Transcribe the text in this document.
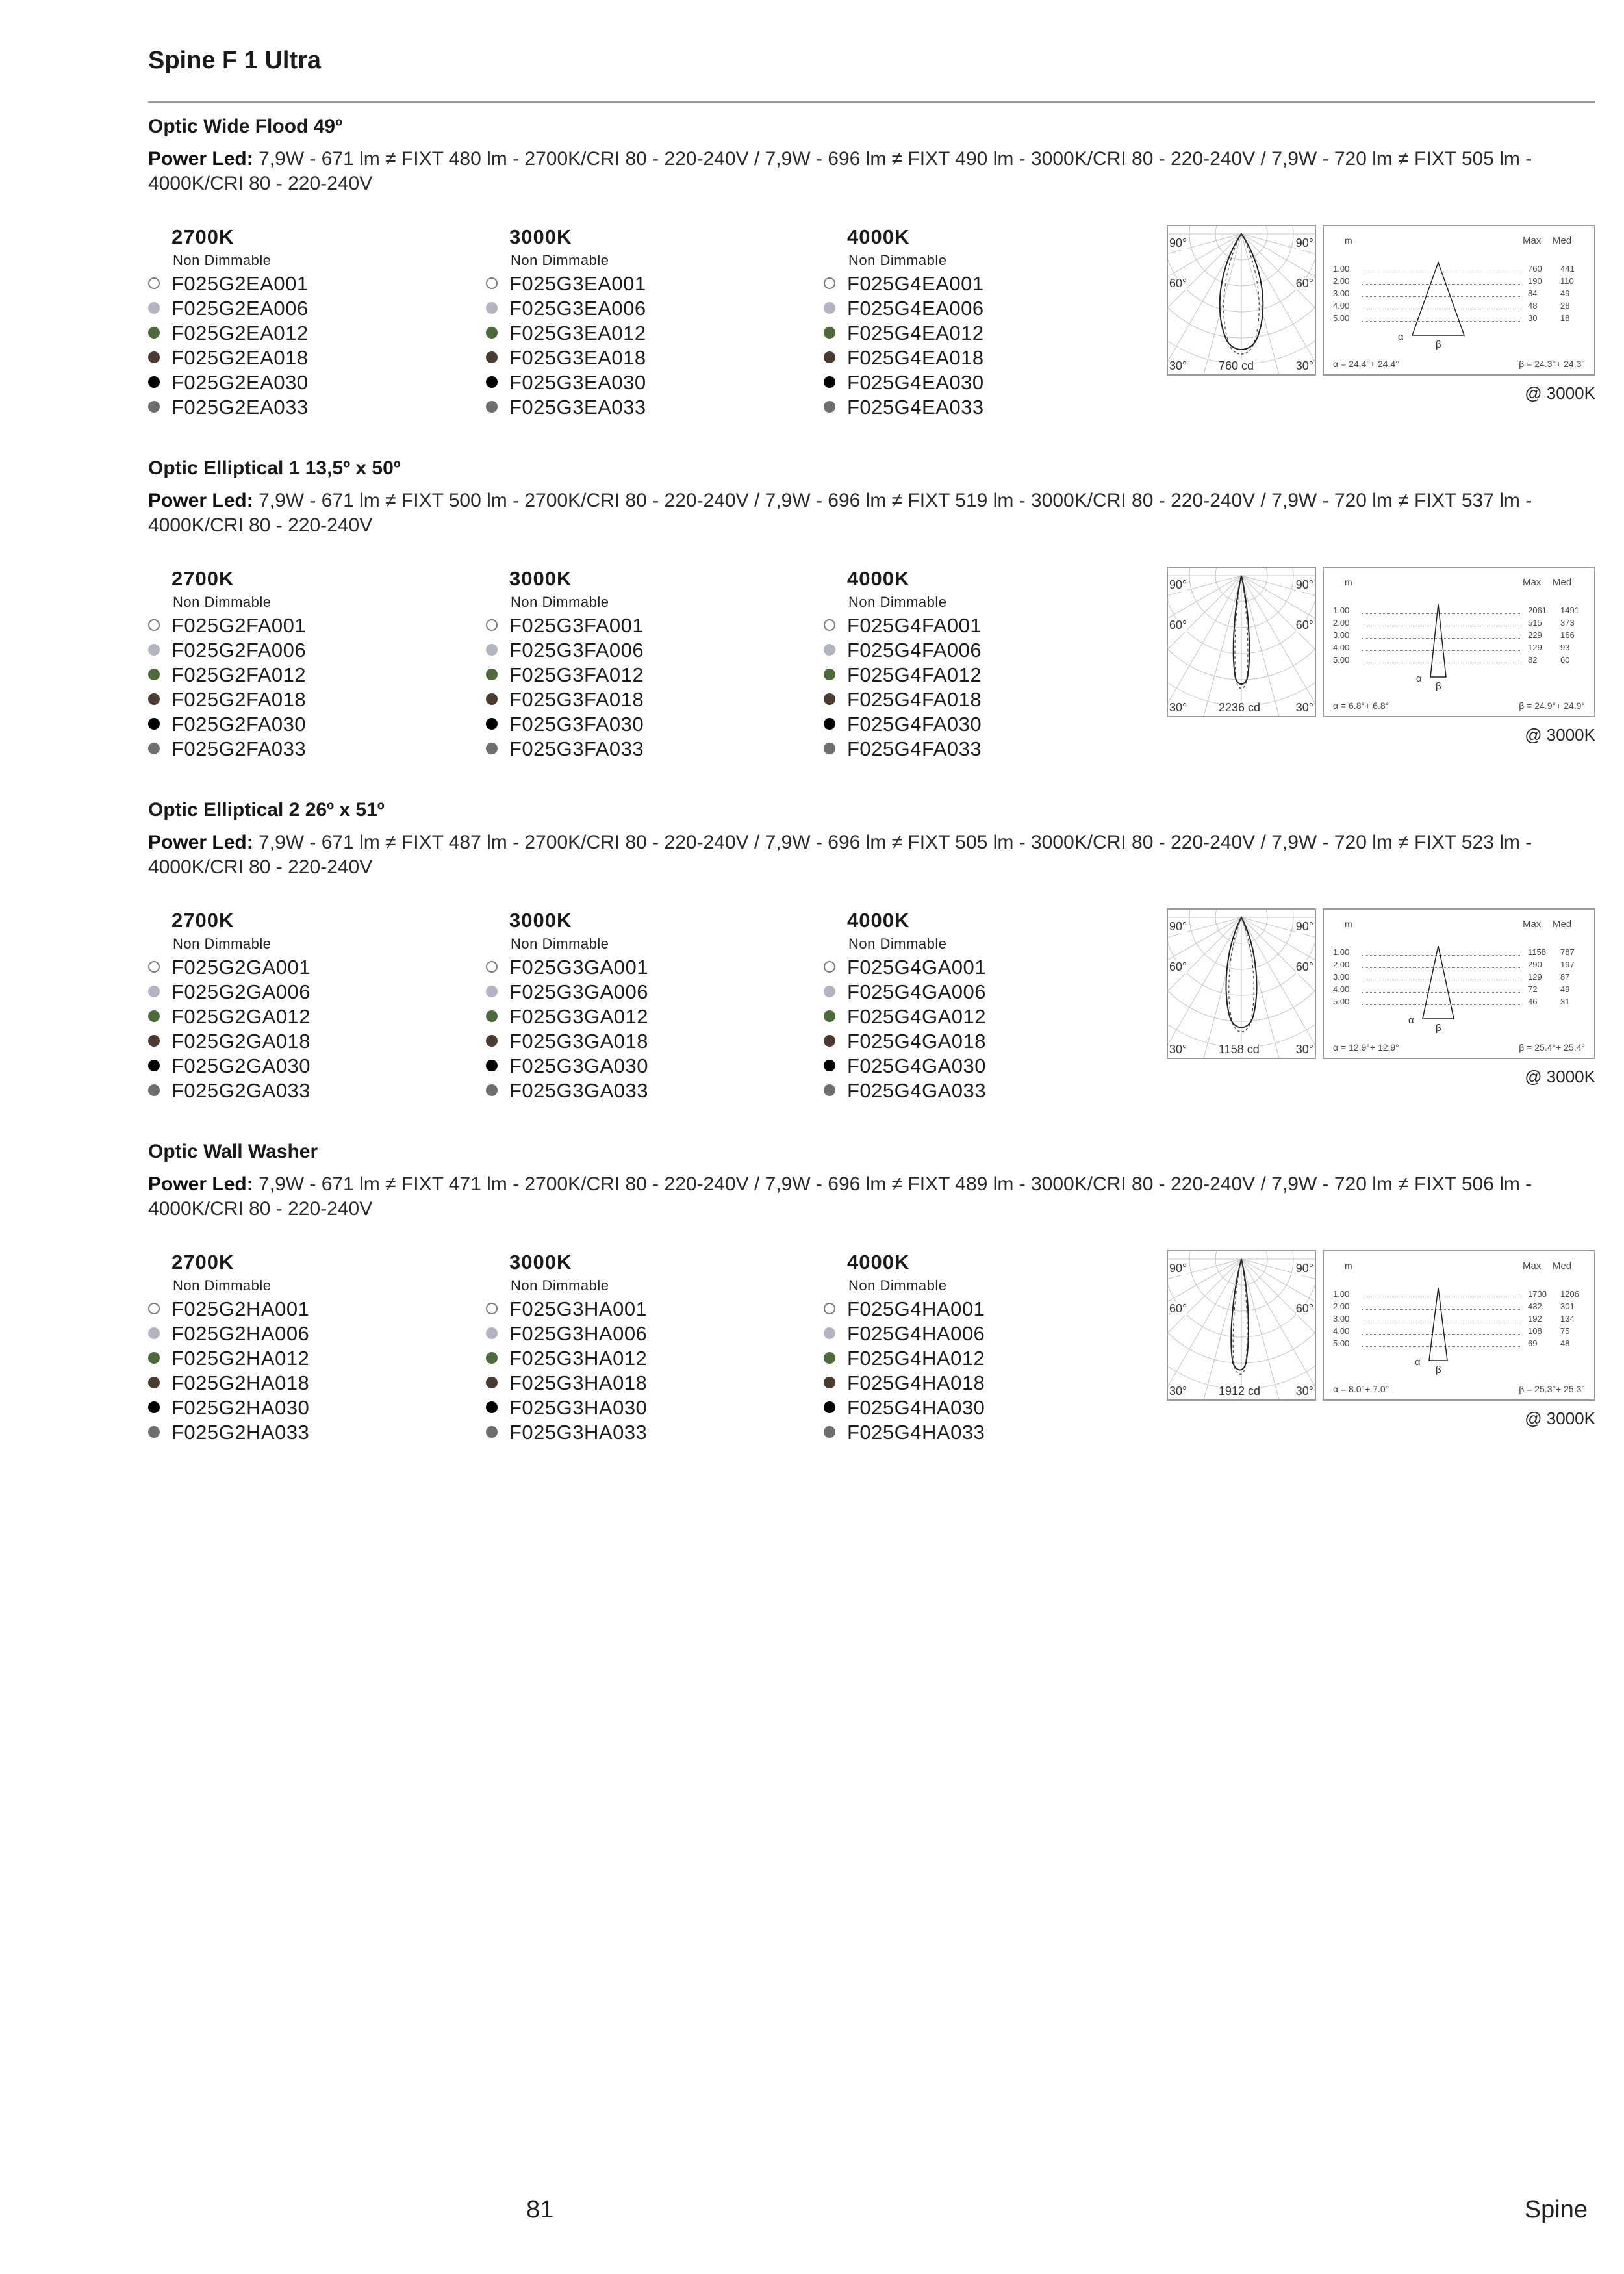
Spine F 1 Ultra
Optic Wide Flood 49º
Power Led: 7,9W - 671 lm ≠ FIXT 480 lm - 2700K/CRI 80 - 220-240V / 7,9W - 696 lm ≠ FIXT 490 lm - 3000K/CRI 80 - 220-240V / 7,9W - 720 lm ≠ FIXT 505 lm - 4000K/CRI 80 - 220-240V
2700K
Non Dimmable
F025G2EA001
F025G2EA006
F025G2EA012
F025G2EA018
F025G2EA030
F025G2EA033
3000K
Non Dimmable
F025G3EA001
F025G3EA006
F025G3EA012
F025G3EA018
F025G3EA030
F025G3EA033
4000K
Non Dimmable
F025G4EA001
F025G4EA006
F025G4EA012
F025G4EA018
F025G4EA030
F025G4EA033
90°	90°
60°	60°
30°	30°
760 cd
m	Max Med
1.00	760 441
2.00	190 110
3.00	84	49
4.00	48	28
5.00	30	18
α
β
α = 24.4°+ 24.4°	β = 24.3°+ 24.3°
@ 3000K
Optic Elliptical 1 13,5º x 50º
Power Led: 7,9W - 671 lm ≠ FIXT 500 lm - 2700K/CRI 80 - 220-240V / 7,9W - 696 lm ≠ FIXT 519 lm - 3000K/CRI 80 - 220-240V / 7,9W - 720 lm ≠ FIXT 537 lm - 4000K/CRI 80 - 220-240V
2700K
Non Dimmable
F025G2FA001
F025G2FA006
F025G2FA012
F025G2FA018
F025G2FA030
F025G2FA033
3000K
Non Dimmable
F025G3FA001
F025G3FA006
F025G3FA012
F025G3FA018
F025G3FA030
F025G3FA033
4000K
Non Dimmable
F025G4FA001
F025G4FA006
F025G4FA012
F025G4FA018
F025G4FA030
F025G4FA033
90°	90°
60°	60°
30°	30°
2236 cd
m	Max Med
1.00	2061 1491
2.00	515 373
3.00	229 166
4.00	129 93
5.00	82	60
α
β
α = 6.8°+ 6.8°	β = 24.9°+ 24.9°
@ 3000K
Optic Elliptical 2 26º x 51º
Power Led: 7,9W - 671 lm ≠ FIXT 487 lm - 2700K/CRI 80 - 220-240V / 7,9W - 696 lm ≠ FIXT 505 lm - 3000K/CRI 80 - 220-240V / 7,9W - 720 lm ≠ FIXT 523 lm - 4000K/CRI 80 - 220-240V
2700K
Non Dimmable
F025G2GA001
F025G2GA006
F025G2GA012
F025G2GA018
F025G2GA030
F025G2GA033
3000K
Non Dimmable
F025G3GA001
F025G3GA006
F025G3GA012
F025G3GA018
F025G3GA030
F025G3GA033
4000K
Non Dimmable
F025G4GA001
F025G4GA006
F025G4GA012
F025G4GA018
F025G4GA030
F025G4GA033
90°	90°
60°	60°
30°	30°
1158 cd
m	Max Med
1.00	1158 787
2.00	290 197
3.00	129 87
4.00	72	49
5.00	46	31
α
β
α = 12.9°+ 12.9°	β = 25.4°+ 25.4°
@ 3000K
Optic Wall Washer
Power Led: 7,9W - 671 lm ≠ FIXT 471 lm - 2700K/CRI 80 - 220-240V / 7,9W - 696 lm ≠ FIXT 489 lm - 3000K/CRI 80 - 220-240V / 7,9W - 720 lm ≠ FIXT 506 lm - 4000K/CRI 80 - 220-240V
2700K
Non Dimmable
F025G2HA001
F025G2HA006
F025G2HA012
F025G2HA018
F025G2HA030
F025G2HA033
3000K
Non Dimmable
F025G3HA001
F025G3HA006
F025G3HA012
F025G3HA018
F025G3HA030
F025G3HA033
4000K
Non Dimmable
F025G4HA001
F025G4HA006
F025G4HA012
F025G4HA018
F025G4HA030
F025G4HA033
90°	90°
60°	60°
30°	30°
1912 cd
m	Max Med
1.00	1730 1206
2.00	432 301
3.00	192 134
4.00	108 75
5.00	69	48
α
β
α = 8.0°+ 7.0°	β = 25.3°+ 25.3°
@ 3000K
81	Spine
